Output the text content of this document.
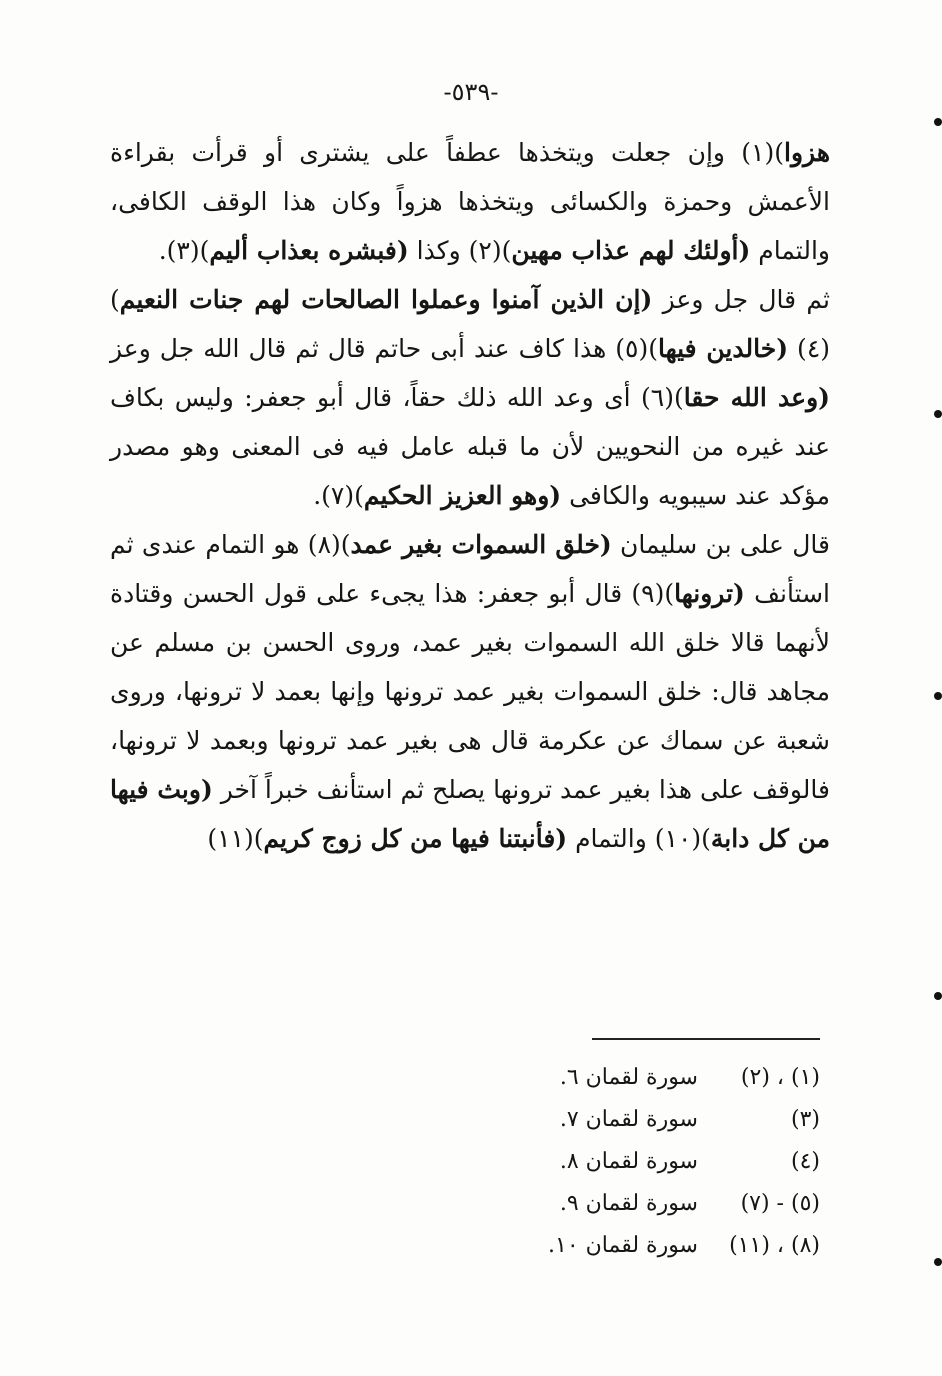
-٥٣٩-

هزوا)(١) وإن جعلت ويتخذها عطفاً على يشترى أو قرأت بقراءة الأعمش وحمزة والكسائى ويتخذها هزواً وكان هذا الوقف الكافى، والتمام (أولئك لهم عذاب مهين)(٢) وكذا (فبشره بعذاب أليم)(٣).

ثم قال جل وعز (إن الذين آمنوا وعملوا الصالحات لهم جنات النعيم)(٤) (خالدين فيها)(٥) هذا كاف عند أبى حاتم قال ثم قال الله جل وعز (وعد الله حقا)(٦) أى وعد الله ذلك حقاً، قال أبو جعفر: وليس بكاف عند غيره من النحويين لأن ما قبله عامل فيه فى المعنى وهو مصدر مؤكد عند سيبويه والكافى (وهو العزيز الحكيم)(٧).

قال على بن سليمان (خلق السموات بغير عمد)(٨) هو التمام عندى ثم استأنف (ترونها)(٩) قال أبو جعفر: هذا يجىء على قول الحسن وقتادة لأنهما قالا خلق الله السموات بغير عمد، وروى الحسن بن مسلم عن مجاهد قال: خلق السموات بغير عمد ترونها وإنها بعمد لا ترونها، وروى شعبة عن سماك عن عكرمة قال هى بغير عمد ترونها وبعمد لا ترونها، فالوقف على هذا بغير عمد ترونها يصلح ثم استأنف خبراً آخر (وبث فيها من كل دابة)(١٠) والتمام (فأنبتنا فيها من كل زوج كريم)(١١)

(١) ، (٢)
سورة لقمان ٦.
(٣)
سورة لقمان ٧.
(٤)
سورة لقمان ٨.
(٥) - (٧)
سورة لقمان ٩.
(٨) ، (١١)
سورة لقمان ١٠.
